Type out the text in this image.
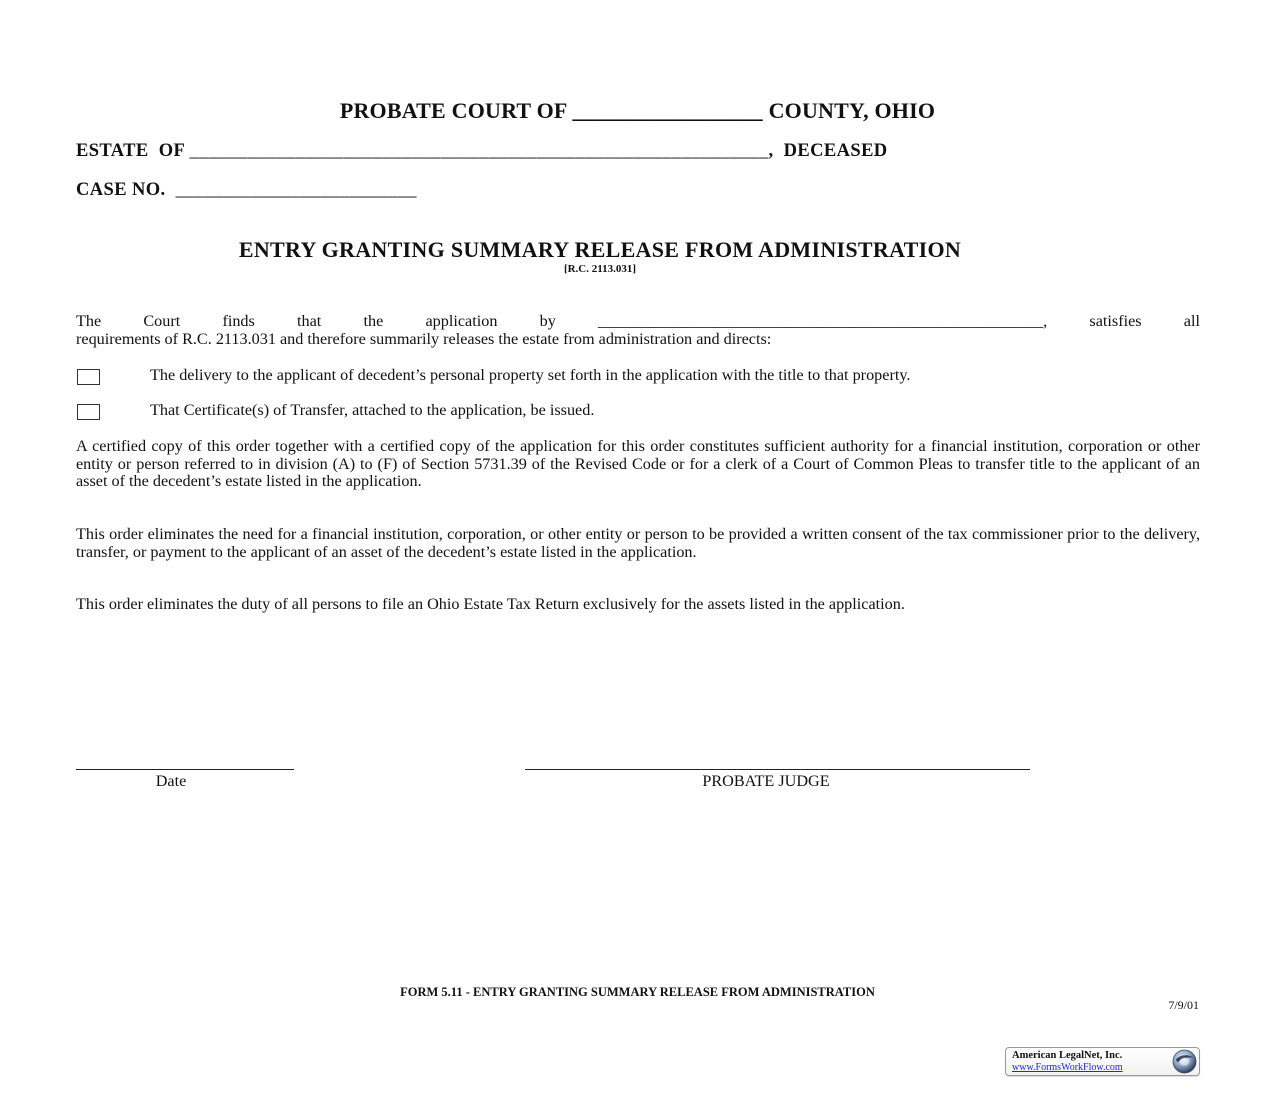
PROBATE COURT OF _________________ COUNTY, OHIO
ESTATE  OF ____________________________________________________________,  DECEASED
CASE NO. _________________________
ENTRY GRANTING SUMMARY RELEASE FROM ADMINISTRATION
[R.C. 2113.031]
The	Court	finds	that	the	application	by	_______________________________________________________,	satisfies	all
requirements of R.C. 2113.031 and therefore summarily releases the estate from administration and directs:
The delivery to the applicant of decedent’s personal property set forth in the application with the title to that property.
That Certificate(s) of Transfer, attached to the application, be issued.
A certified copy of this order together with a certified copy of the application for this order constitutes sufficient authority for a financial institution, corporation or other entity or person referred to in division (A) to (F) of Section 5731.39 of the Revised Code or for a clerk of a Court of Common Pleas to transfer title to the applicant of an asset of the decedent’s estate listed in the application.
This order eliminates the need for a financial institution, corporation, or other entity or person to be provided a written consent of the tax commissioner prior to the delivery, transfer, or payment to the applicant of an asset of the decedent’s estate listed in the application.
This order eliminates the duty of all persons to file an Ohio Estate Tax Return exclusively for the assets listed in the application.
Date	PROBATE JUDGE
FORM 5.11 - ENTRY GRANTING SUMMARY RELEASE FROM ADMINISTRATION
7/9/01
American LegalNet, Inc.
www.FormsWorkFlow.com
